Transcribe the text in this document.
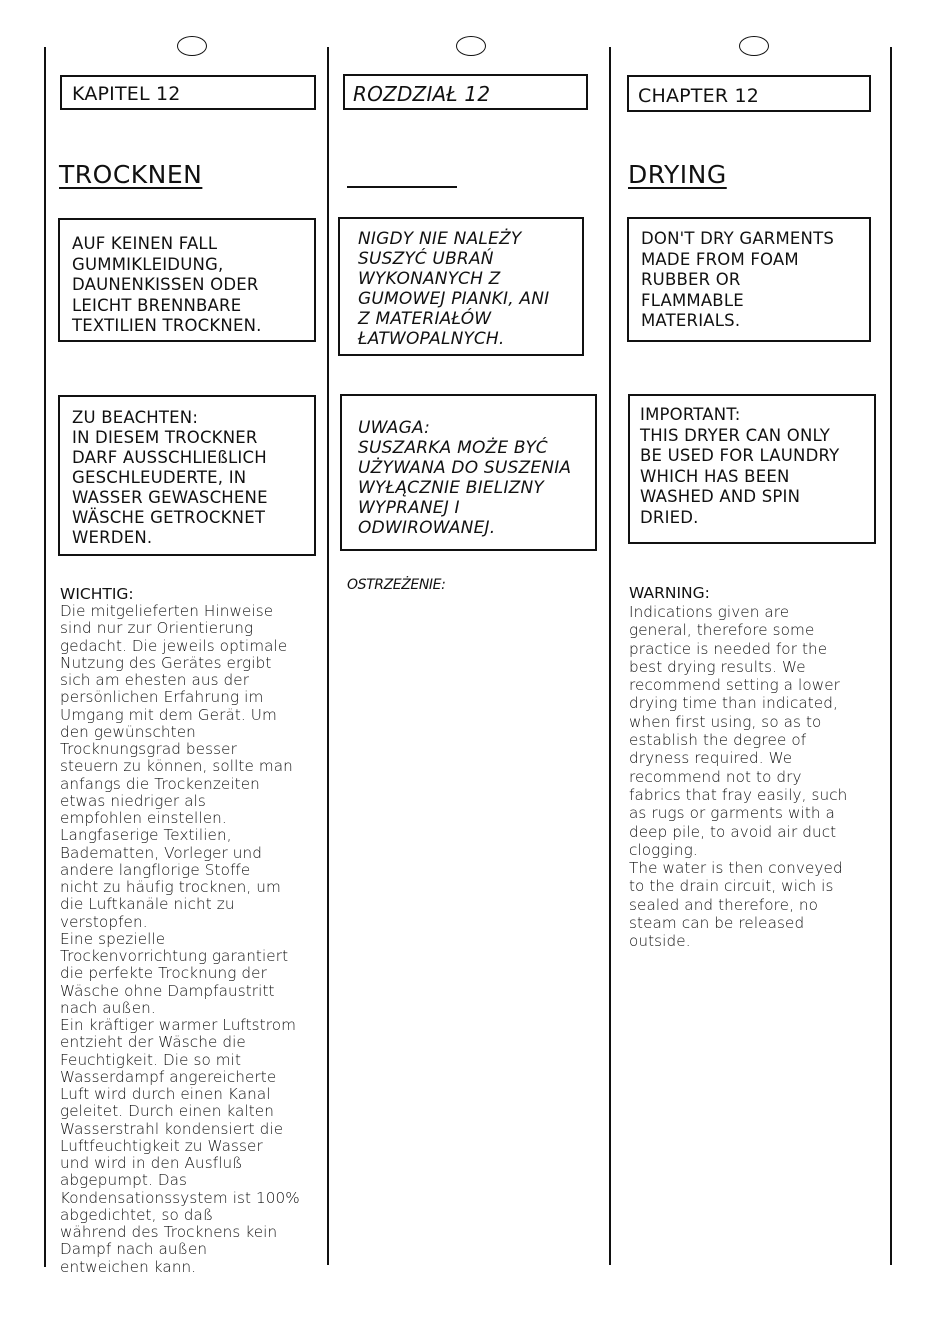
KAPITEL 12
TROCKNEN
AUF KEINEN FALL
GUMMIKLEIDUNG,
DAUNENKISSEN ODER
LEICHT BRENNBARE
TEXTILIEN TROCKNEN.
ZU BEACHTEN:
IN DIESEM TROCKNER
DARF AUSSCHLIEßLICH
GESCHLEUDERTE, IN
WASSER GEWASCHENE
WÄSCHE GETROCKNET
WERDEN.
WICHTIG:
Die mitgelieferten Hinweise
sind nur zur Orientierung
gedacht. Die jeweils optimale
Nutzung des Gerätes ergibt
sich am ehesten aus der
persönlichen Erfahrung im
Umgang mit dem Gerät. Um
den gewünschten
Trocknungsgrad besser
steuern zu können, sollte man
anfangs die Trockenzeiten
etwas niedriger als
empfohlen einstellen.
Langfaserige Textilien,
Badematten, Vorleger und
andere langflorige Stoffe
nicht zu häufig trocknen, um
die Luftkanäle nicht zu
verstopfen.
Eine spezielle
Trockenvorrichtung garantiert
die perfekte Trocknung der
Wäsche ohne Dampfaustritt
nach außen.
Ein kräftiger warmer Luftstrom
entzieht der Wäsche die
Feuchtigkeit. Die so mit
Wasserdampf angereicherte
Luft wird durch einen Kanal
geleitet. Durch einen kalten
Wasserstrahl kondensiert die
Luftfeuchtigkeit zu Wasser
und wird in den Ausfluß
abgepumpt. Das
Kondensationssystem ist 100%
abgedichtet, so daß
während des Trocknens kein
Dampf nach außen
entweichen kann.
ROZDZIAŁ 12
NIGDY NIE NALEŻY
SUSZYĆ UBRAŃ
WYKONANYCH Z
GUMOWEJ PIANKI, ANI
Z MATERIAŁÓW
ŁATWOPALNYCH.
UWAGA:
SUSZARKA MOŻE BYĆ
UŻYWANA DO SUSZENIA
WYŁĄCZNIE BIELIZNY
WYPRANEJ I
ODWIROWANEJ.
OSTRZEŻENIE:
CHAPTER 12
DRYING
DON'T DRY GARMENTS
MADE FROM FOAM
RUBBER OR
FLAMMABLE
MATERIALS.
IMPORTANT:
THIS DRYER CAN ONLY
BE USED FOR LAUNDRY
WHICH HAS BEEN
WASHED AND SPIN
DRIED.
WARNING:
Indications given are
general, therefore some
practice is needed for the
best drying results. We
recommend setting a lower
drying time than indicated,
when first using, so as to
establish the degree of
dryness required. We
recommend not to dry
fabrics that fray easily, such
as rugs or garments with a
deep pile, to avoid air duct
clogging.
The water is then conveyed
to the drain circuit, wich is
sealed and therefore, no
steam can be released
outside.
